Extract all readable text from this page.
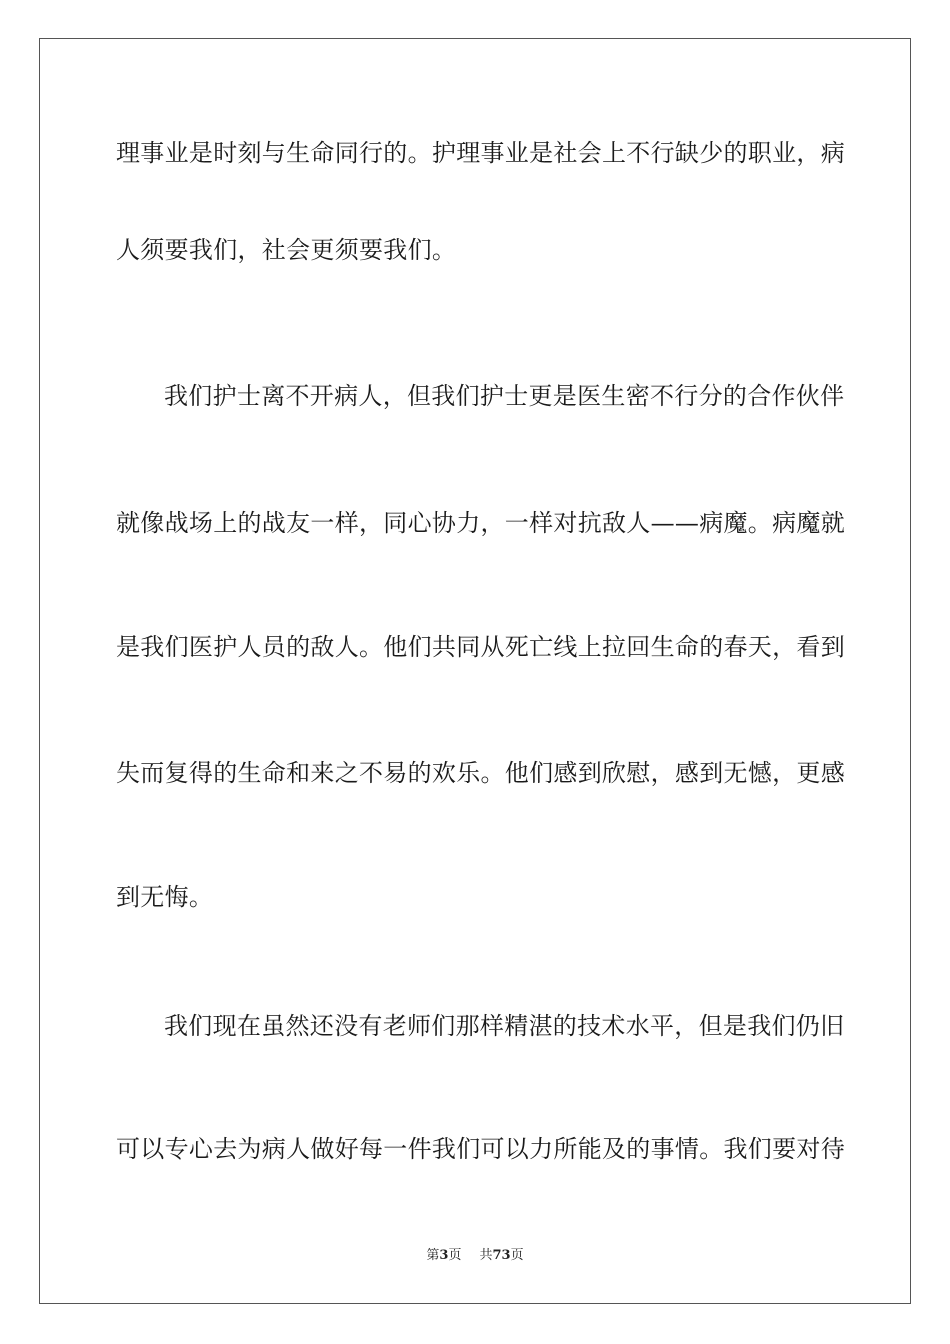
理事业是时刻与生命同行的。护理事业是社会上不行缺少的职业，病
人须要我们，社会更须要我们。
我们护士离不开病人，但我们护士更是医生密不行分的合作伙伴
就像战场上的战友一样，同心协力，一样对抗敌人——病魔。病魔就
是我们医护人员的敌人。他们共同从死亡线上拉回生命的春天，看到
失而复得的生命和来之不易的欢乐。他们感到欣慰，感到无憾，更感
到无悔。
我们现在虽然还没有老师们那样精湛的技术水平，但是我们仍旧
可以专心去为病人做好每一件我们可以力所能及的事情。我们要对待
第3页 共73页
